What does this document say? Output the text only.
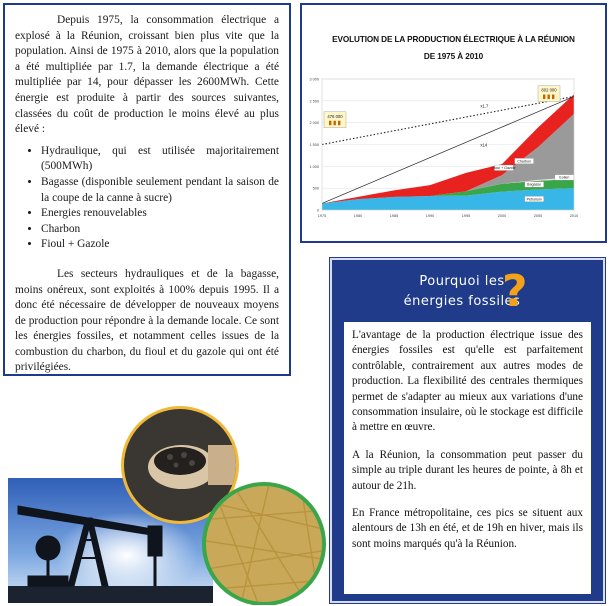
Depuis 1975, la consommation électrique a explosé à la Réunion, croissant bien plus vite que la population. Ainsi de 1975 à 2010, alors que la population a été multipliée par 1.7, la demande électrique a été multipliée par 14, pour dépasser les 2600MWh. Cette énergie est produite à partir des sources suivantes, classées du coût de production le moins élevé au plus élevé :

• Hydraulique, qui est utilisée majoritairement (500MWh)
• Bagasse (disponible seulement pendant la saison de la coupe de la canne à sucre)
• Energies renouvelables
• Charbon
• Fioul + Gazole

Les secteurs hydrauliques et de la bagasse, moins onéreux, sont exploités à 100% depuis 1995. Il a donc été nécessaire de développer de nouveaux moyens de production pour répondre à la demande locale. Ce sont les énergies fossiles, et notamment celles issues de la combustion du charbon, du fioul et du gazole qui ont été privilégiées.

EVOLUTION DE LA PRODUCTION ÉLECTRIQUE À LA RÉUNION
DE 1975 À 2010
0
500
1 000
1 500
2 000
2 500
3 000
1975	1980	1985	1990	1995	2000	2005	2010
Pétrolium
Bagasse
Eolien
Charbon
Fioul + Gazole
x1.7
x14
476 000
802 000
Pourquoi les
énergies fossiles
?

L'avantage de la production électrique issue des énergies fossiles est qu'elle est parfaitement contrôlable, contrairement aux autres modes de production. La flexibilité des centrales thermiques permet de s'adapter au mieux aux variations d'une consommation insulaire, où le stockage est difficile à mettre en œuvre.

A la Réunion, la consommation peut passer du simple au triple durant les heures de pointe, à 8h et autour de 21h.

En France métropolitaine, ces pics se situent aux alentours de 13h en été, et de 19h en hiver, mais ils sont moins marqués qu'à la Réunion.
